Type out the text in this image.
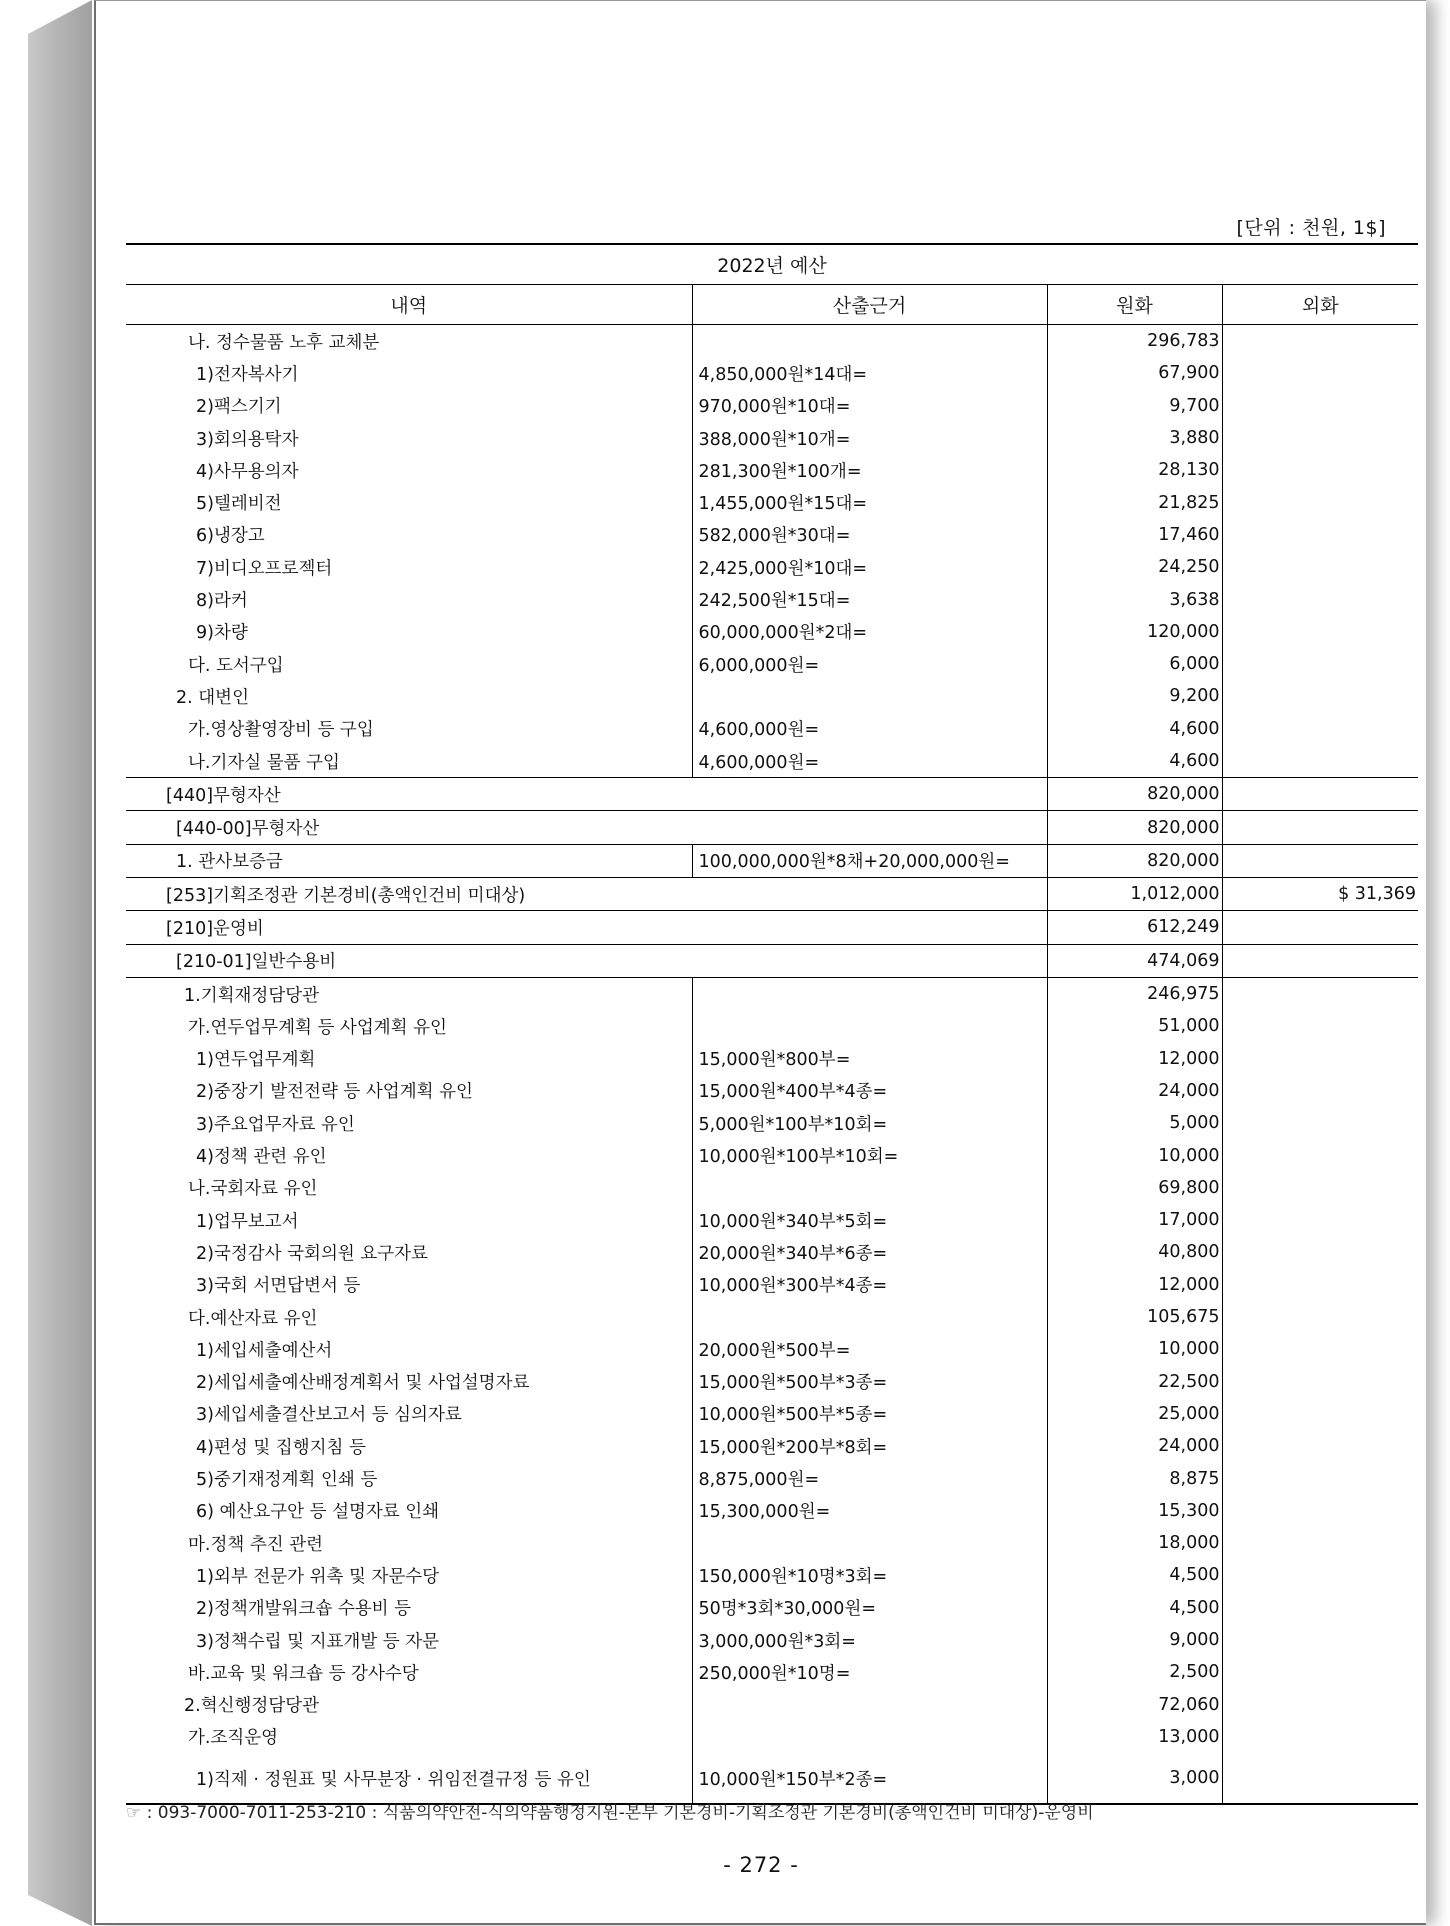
[단위 : 천원, 1$]
2022년 예산			
내역	산출근거	원화	외화
나. 정수물품 노후 교체분		296,783	
1)전자복사기	4,850,000원*14대=	67,900	
2)팩스기기	970,000원*10대=	9,700	
3)회의용탁자	388,000원*10개=	3,880	
4)사무용의자	281,300원*100개=	28,130	
5)텔레비전	1,455,000원*15대=	21,825	
6)냉장고	582,000원*30대=	17,460	
7)비디오프로젝터	2,425,000원*10대=	24,250	
8)라커	242,500원*15대=	3,638	
9)차량	60,000,000원*2대=	120,000	
다. 도서구입	6,000,000원=	6,000	
2. 대변인		9,200	
가.영상촬영장비 등 구입	4,600,000원=	4,600	
나.기자실 물품 구입	4,600,000원=	4,600	
[440]무형자산		820,000	
[440-00]무형자산		820,000	
1. 관사보증금	100,000,000원*8채+20,000,000원=	820,000	
[253]기획조정관 기본경비(총액인건비 미대상)		1,012,000	$ 31,369
[210]운영비		612,249	
[210-01]일반수용비		474,069	
1.기획재정담당관		246,975	
가.연두업무계획 등 사업계획 유인		51,000	
1)연두업무계획	15,000원*800부=	12,000	
2)중장기 발전전략 등 사업계획 유인	15,000원*400부*4종=	24,000	
3)주요업무자료 유인	5,000원*100부*10회=	5,000	
4)정책 관련 유인	10,000원*100부*10회=	10,000	
나.국회자료 유인		69,800	
1)업무보고서	10,000원*340부*5회=	17,000	
2)국정감사 국회의원 요구자료	20,000원*340부*6종=	40,800	
3)국회 서면답변서 등	10,000원*300부*4종=	12,000	
다.예산자료 유인		105,675	
1)세입세출예산서	20,000원*500부=	10,000	
2)세입세출예산배정계획서 및 사업설명자료	15,000원*500부*3종=	22,500	
3)세입세출결산보고서 등 심의자료	10,000원*500부*5종=	25,000	
4)편성 및 집행지침 등	15,000원*200부*8회=	24,000	
5)중기재정계획 인쇄 등	8,875,000원=	8,875	
6) 예산요구안 등 설명자료 인쇄	15,300,000원=	15,300	
마.정책 추진 관련		18,000	
1)외부 전문가 위촉 및 자문수당	150,000원*10명*3회=	4,500	
2)정책개발워크숍 수용비 등	50명*3회*30,000원=	4,500	
3)정책수립 및 지표개발 등 자문	3,000,000원*3회=	9,000	
바.교육 및 워크숍 등 강사수당	250,000원*10명=	2,500	
2.혁신행정담당관		72,060	
가.조직운영		13,000	
1)직제 · 정원표 및 사무분장 · 위임전결규정 등 유인	10,000원*150부*2종=	3,000	
☞ : 093-7000-7011-253-210 : 식품의약안전-식의약품행정지원-본부 기본경비-기획조정관 기본경비(총액인건비 미대상)-운영비
- 272 -
